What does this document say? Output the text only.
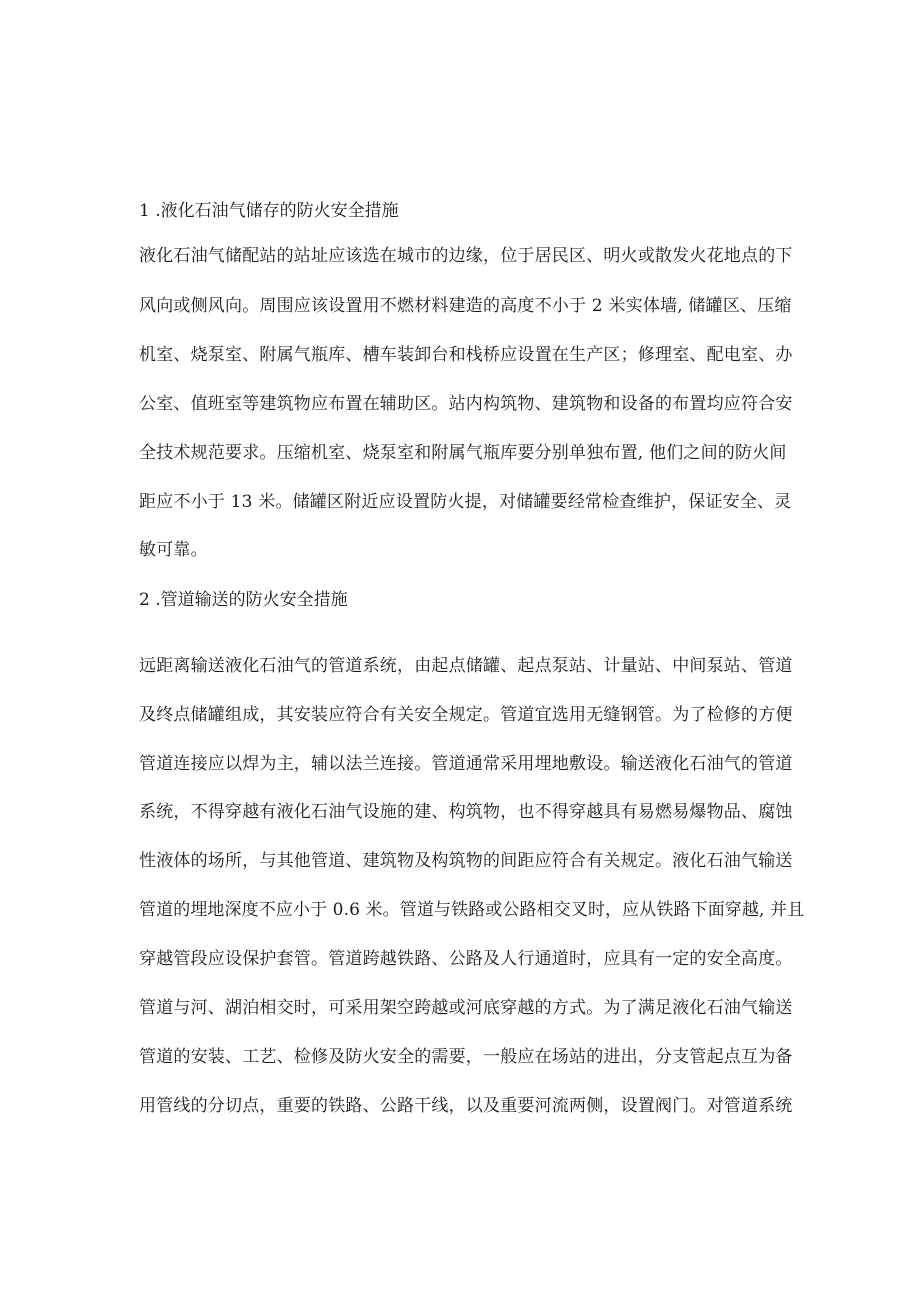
1 .液化石油气储存的防火安全措施
液化石油气储配站的站址应该选在城市的边缘，位于居民区、明火或散发火花地点的下
风向或侧风向。周围应该设置用不燃材料建造的高度不小于 2 米实体墙, 储罐区、压缩
机室、烧泵室、附属气瓶库、槽车装卸台和栈桥应设置在生产区；修理室、配电室、办
公室、值班室等建筑物应布置在辅助区。站内构筑物、建筑物和设备的布置均应符合安
全技术规范要求。压缩机室、烧泵室和附属气瓶库要分别单独布置, 他们之间的防火间
距应不小于 13 米。储罐区附近应设置防火提，对储罐要经常检查维护，保证安全、灵
敏可靠。
2 .管道输送的防火安全措施
远距离输送液化石油气的管道系统，由起点储罐、起点泵站、计量站、中间泵站、管道
及终点储罐组成，其安装应符合有关安全规定。管道宜选用无缝钢管。为了检修的方便
管道连接应以焊为主，辅以法兰连接。管道通常采用埋地敷设。输送液化石油气的管道
系统，不得穿越有液化石油气设施的建、构筑物，也不得穿越具有易燃易爆物品、腐蚀
性液体的场所，与其他管道、建筑物及构筑物的间距应符合有关规定。液化石油气输送
管道的埋地深度不应小于 0.6 米。管道与铁路或公路相交叉时，应从铁路下面穿越, 并且
穿越管段应设保护套管。管道跨越铁路、公路及人行通道时，应具有一定的安全高度。
管道与河、湖泊相交时，可采用架空跨越或河底穿越的方式。为了满足液化石油气输送
管道的安装、工艺、检修及防火安全的需要，一般应在场站的进出，分支管起点互为备
用管线的分切点，重要的铁路、公路干线，以及重要河流两侧，设置阀门。对管道系统
